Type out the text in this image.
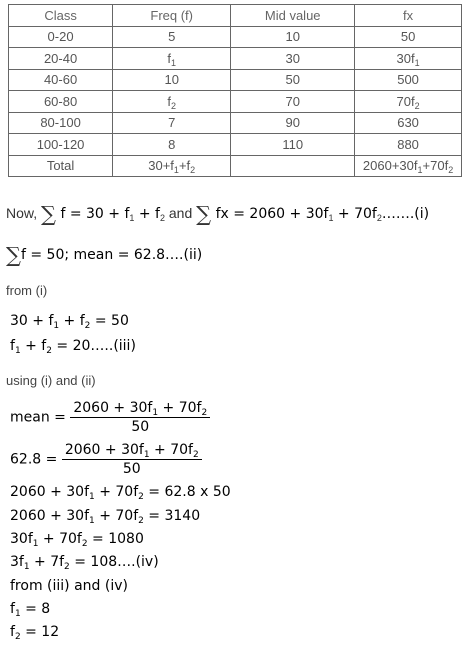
Class	Freq (f)	Mid value	fx
0-20	5	10	50
20-40	$f_1$	30	$30f_1$
40-60	10	50	500
60-80	$f_2$	70	$70f_2$
80-100	7	90	630
100-120	8	110	880
Total	$30+f_1+f_2$		$2060+30f_1+70f_2$
Now, ∑ $f = 30 + f_1 + f_2$ and ∑ fx = $2060 + 30f_1$ + $70f_2\dots\dots.(i)$
∑f = 50; mean = 62.8….(ii)
from (i)
$30 + f_1 + f_2 = 50$
$f_1 + f_2$ = 20…..(iii)
using (i) and (ii)
mean = $\frac{2060 + 30f_1 + 70f_2}{50}$
$62.8 = \frac{2060 + 30f_1 + 70f_2}{50}$
$2060 + 30f_1 + 70f_2 = 62.8$ x 50
$2060 + 30f_1 + 70f_2 = 3140$
$30f_1 + 70f_2 = 1080$
$3f_1 + 7f_2$ = 108….(iv)
from (iii) and (iv)
$f_1 = 8$
$f_2 = 12$
